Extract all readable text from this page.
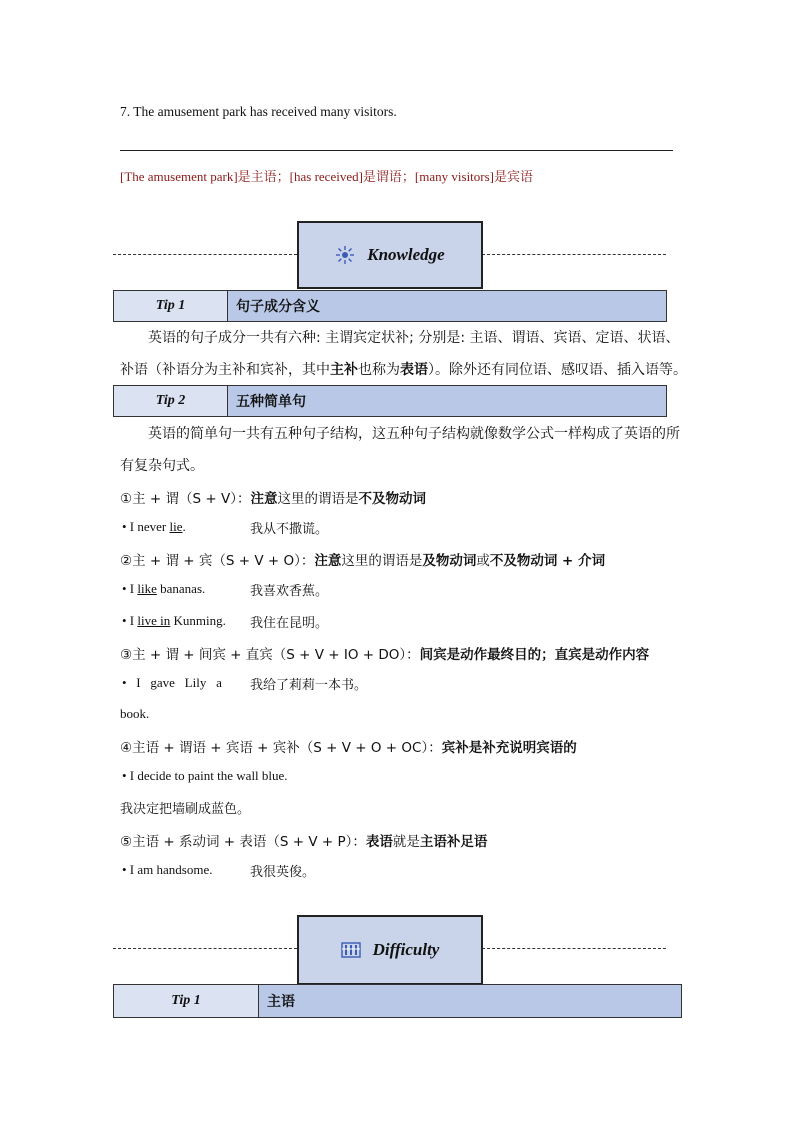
7. The amusement park has received many visitors.
[The amusement park]是主语；[has received]是谓语；[many visitors]是宾语
Knowledge
Tip 1	句子成分含义
英语的句子成分一共有六种: 主谓宾定状补; 分别是: 主语、谓语、宾语、定语、状语、
补语（补语分为主补和宾补，其中主补也称为表语）。除外还有同位语、感叹语、插入语等。
Tip 2	五种简单句
英语的简单句一共有五种句子结构，这五种句子结构就像数学公式一样构成了英语的所
有复杂句式。
①主 + 谓（S + V）：注意这里的谓语是不及物动词
• I never lie.	我从不撒谎。
②主 + 谓 + 宾（S + V + O）：注意这里的谓语是及物动词或不及物动词 + 介词
• I like bananas.	我喜欢香蕉。
• I live in Kunming. 我住在昆明。
③主 + 谓 + 间宾 + 直宾（S + V + IO + DO）：间宾是动作最终目的；直宾是动作内容
•   I   gave   Lily   a 我给了莉莉一本书。
book.
④主语 + 谓语 + 宾语 + 宾补（S + V + O + OC）：宾补是补充说明宾语的
• I decide to paint the wall blue.
我决定把墙刷成蓝色。
⑤主语 + 系动词 + 表语（S + V + P）：表语就是主语补足语
• I am handsome.	我很英俊。
Difficulty
Tip 1	主语
